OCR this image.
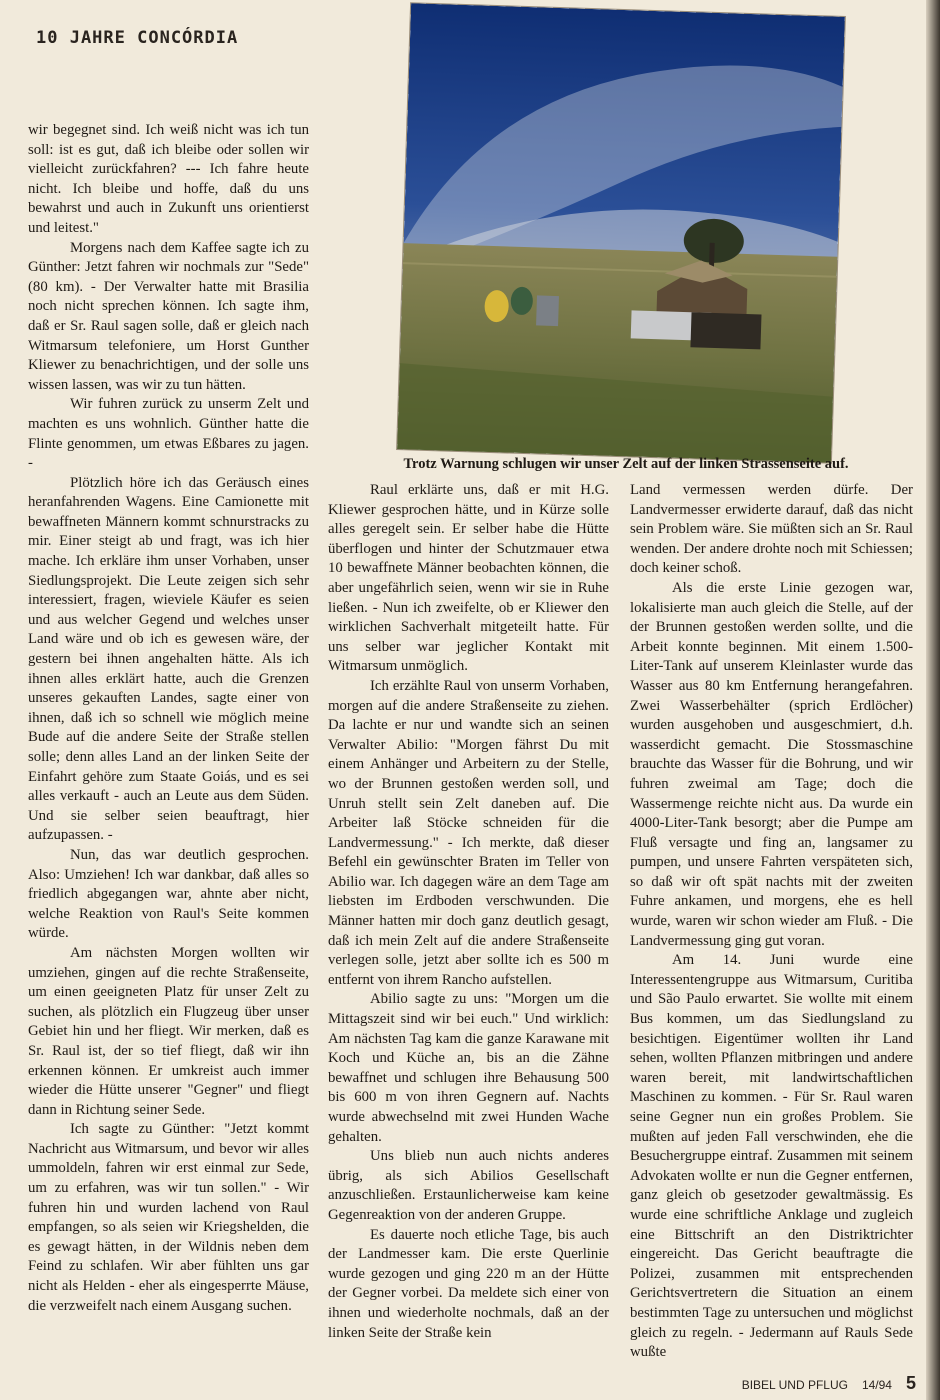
10 JAHRE CONCÓRDIA
Trotz Warnung schlugen wir unser Zelt auf der linken Strassenseite auf.

wir begegnet sind. Ich weiß nicht was ich tun soll: ist es gut, daß ich bleibe oder sollen wir vielleicht zurückfahren? --- Ich fahre heute nicht. Ich bleibe und hoffe, daß du uns bewahrst und auch in Zukunft uns orientierst und leitest."

Morgens nach dem Kaffee sagte ich zu Günther: Jetzt fahren wir nochmals zur "Sede" (80 km). - Der Verwalter hatte mit Brasilia noch nicht sprechen können. Ich sagte ihm, daß er Sr. Raul sagen solle, daß er gleich nach Witmarsum telefoniere, um Horst Gunther Kliewer zu benachrichtigen, und der solle uns wissen lassen, was wir zu tun hätten.

Wir fuhren zurück zu unserm Zelt und machten es uns wohnlich. Günther hatte die Flinte genommen, um etwas Eßbares zu jagen. -

Plötzlich höre ich das Geräusch eines heranfahrenden Wagens. Eine Camionette mit bewaffneten Männern kommt schnurstracks zu mir. Einer steigt ab und fragt, was ich hier mache. Ich erkläre ihm unser Vorhaben, unser Siedlungsprojekt. Die Leute zeigen sich sehr interessiert, fragen, wieviele Käufer es seien und aus welcher Gegend und welches unser Land wäre und ob ich es gewesen wäre, der gestern bei ihnen angehalten hätte. Als ich ihnen alles erklärt hatte, auch die Grenzen unseres gekauften Landes, sagte einer von ihnen, daß ich so schnell wie möglich meine Bude auf die andere Seite der Straße stellen solle; denn alles Land an der linken Seite der Einfahrt gehöre zum Staate Goiás, und es sei alles verkauft - auch an Leute aus dem Süden. Und sie selber seien beauftragt, hier aufzupassen. -

Nun, das war deutlich gesprochen. Also: Umziehen! Ich war dankbar, daß alles so friedlich abgegangen war, ahnte aber nicht, welche Reaktion von Raul's Seite kommen würde.

Am nächsten Morgen wollten wir umziehen, gingen auf die rechte Straßenseite, um einen geeigneten Platz für unser Zelt zu suchen, als plötzlich ein Flugzeug über unser Gebiet hin und her fliegt. Wir merken, daß es Sr. Raul ist, der so tief fliegt, daß wir ihn erkennen können. Er umkreist auch immer wieder die Hütte unserer "Gegner" und fliegt dann in Richtung seiner Sede.

Ich sagte zu Günther: "Jetzt kommt Nachricht aus Witmarsum, und bevor wir alles ummoldeln, fahren wir erst einmal zur Sede, um zu erfahren, was wir tun sollen." - Wir fuhren hin und wurden lachend von Raul empfangen, so als seien wir Kriegshelden, die es gewagt hätten, in der Wildnis neben dem Feind zu schlafen. Wir aber fühlten uns gar nicht als Helden - eher als eingesperrte Mäuse, die verzweifelt nach einem Ausgang suchen.

Raul erklärte uns, daß er mit H.G. Kliewer gesprochen hätte, und in Kürze solle alles geregelt sein. Er selber habe die Hütte überflogen und hinter der Schutzmauer etwa 10 bewaffnete Männer beobachten können, die aber ungefährlich seien, wenn wir sie in Ruhe ließen. - Nun ich zweifelte, ob er Kliewer den wirklichen Sachverhalt mitgeteilt hatte. Für uns selber war jeglicher Kontakt mit Witmarsum unmöglich.

Ich erzählte Raul von unserm Vorhaben, morgen auf die andere Straßenseite zu ziehen. Da lachte er nur und wandte sich an seinen Verwalter Abilio: "Morgen fährst Du mit einem Anhänger und Arbeitern zu der Stelle, wo der Brunnen gestoßen werden soll, und Unruh stellt sein Zelt daneben auf. Die Arbeiter laß Stöcke schneiden für die Landvermessung." - Ich merkte, daß dieser Befehl ein gewünschter Braten im Teller von Abilio war. Ich dagegen wäre an dem Tage am liebsten im Erdboden verschwunden. Die Männer hatten mir doch ganz deutlich gesagt, daß ich mein Zelt auf die andere Straßenseite verlegen solle, jetzt aber sollte ich es 500 m entfernt von ihrem Rancho aufstellen.

Abilio sagte zu uns: "Morgen um die Mittagszeit sind wir bei euch." Und wirklich: Am nächsten Tag kam die ganze Karawane mit Koch und Küche an, bis an die Zähne bewaffnet und schlugen ihre Behausung 500 bis 600 m von ihren Gegnern auf. Nachts wurde abwechselnd mit zwei Hunden Wache gehalten.

Uns blieb nun auch nichts anderes übrig, als sich Abilios Gesellschaft anzuschließen. Erstaunlicherweise kam keine Gegenreaktion von der anderen Gruppe.

Es dauerte noch etliche Tage, bis auch der Landmesser kam. Die erste Querlinie wurde gezogen und ging 220 m an der Hütte der Gegner vorbei. Da meldete sich einer von ihnen und wiederholte nochmals, daß an der linken Seite der Straße kein

Land vermessen werden dürfe. Der Landvermesser erwiderte darauf, daß das nicht sein Problem wäre. Sie müßten sich an Sr. Raul wenden. Der andere drohte noch mit Schiessen; doch keiner schoß.

Als die erste Linie gezogen war, lokalisierte man auch gleich die Stelle, auf der der Brunnen gestoßen werden sollte, und die Arbeit konnte beginnen. Mit einem 1.500-Liter-Tank auf unserem Kleinlaster wurde das Wasser aus 80 km Entfernung herangefahren. Zwei Wasserbehälter (sprich Erdlöcher) wurden ausgehoben und ausgeschmiert, d.h. wasserdicht gemacht. Die Stossmaschine brauchte das Wasser für die Bohrung, und wir fuhren zweimal am Tage; doch die Wassermenge reichte nicht aus. Da wurde ein 4000-Liter-Tank besorgt; aber die Pumpe am Fluß versagte und fing an, langsamer zu pumpen, und unsere Fahrten verspäteten sich, so daß wir oft spät nachts mit der zweiten Fuhre ankamen, und morgens, ehe es hell wurde, waren wir schon wieder am Fluß. - Die Landvermessung ging gut voran.

Am 14. Juni wurde eine Interessentengruppe aus Witmarsum, Curitiba und São Paulo erwartet. Sie wollte mit einem Bus kommen, um das Siedlungsland zu besichtigen. Eigentümer wollten ihr Land sehen, wollten Pflanzen mitbringen und andere waren bereit, mit landwirtschaftlichen Maschinen zu kommen. - Für Sr. Raul waren seine Gegner nun ein großes Problem. Sie mußten auf jeden Fall verschwinden, ehe die Besuchergruppe eintraf. Zusammen mit seinem Advokaten wollte er nun die Gegner entfernen, ganz gleich ob gesetzoder gewaltmässig. Es wurde eine schriftliche Anklage und zugleich eine Bittschrift an den Distriktrichter eingereicht. Das Gericht beauftragte die Polizei, zusammen mit entsprechenden Gerichtsvertretern die Situation an einem bestimmten Tage zu untersuchen und möglichst gleich zu regeln. - Jedermann auf Rauls Sede wußte

BIBEL UND PFLUG 14/94 5
